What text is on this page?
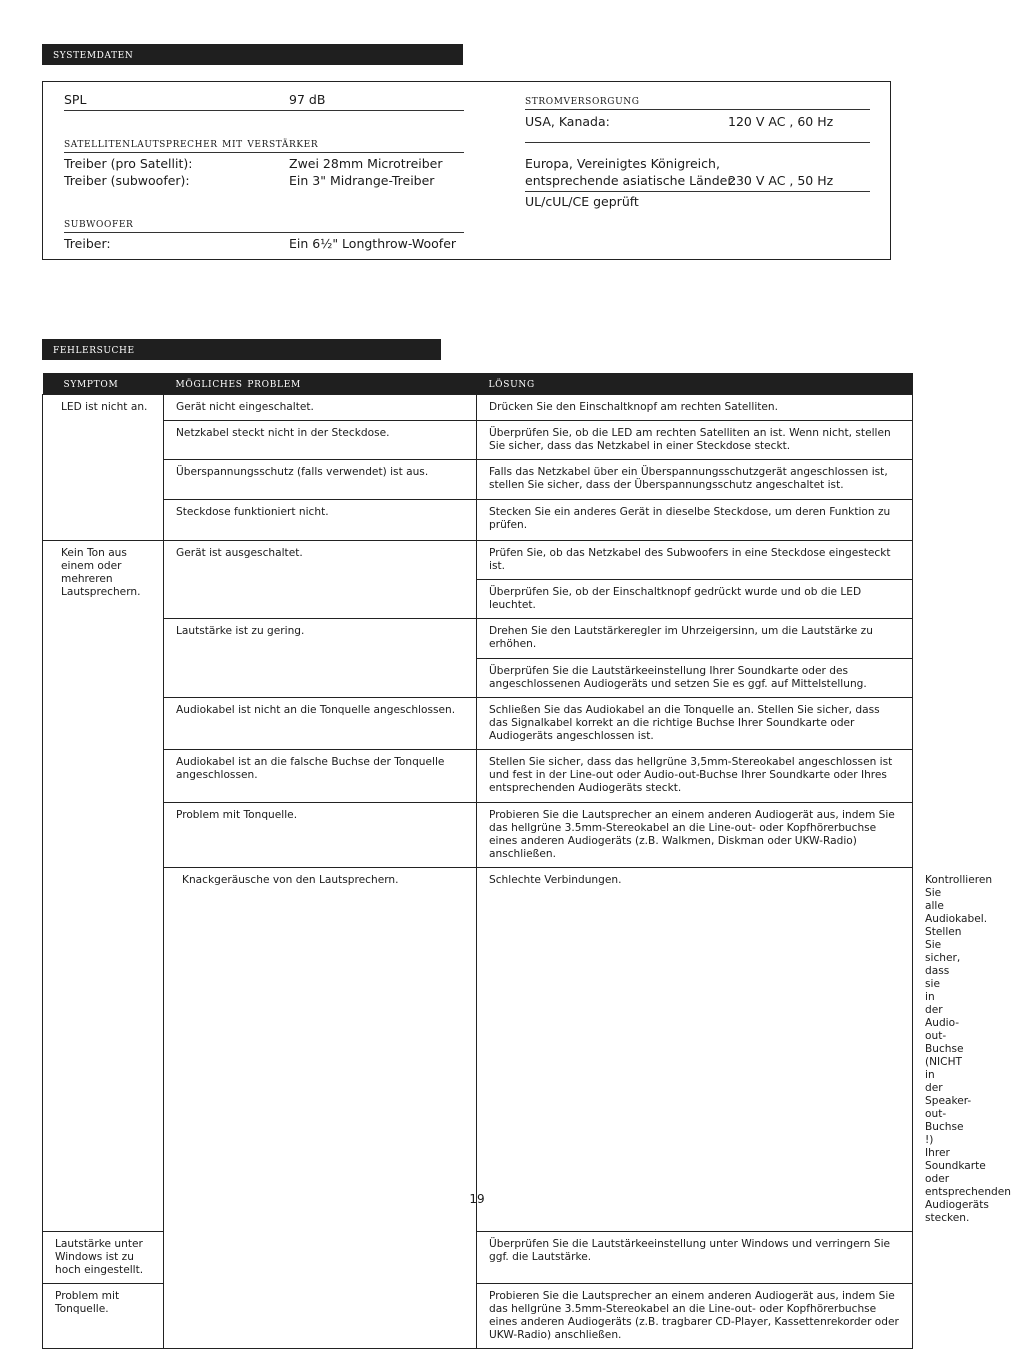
systemdaten
SPL	97 dB
satellitenlautsprecher mit verstärker
Treiber (pro Satellit):	Zwei 28mm Microtreiber
Treiber (subwoofer):	Ein 3" Midrange-Treiber
subwoofer
Treiber:	Ein 6½" Longthrow-Woofer
stromversorgung
USA, Kanada:	120 V AC , 60 Hz
Europa, Vereinigtes Königreich,
entsprechende asiatische Länder:
230 V AC , 50 Hz
UL/cUL/CE geprüft
fehlersuche
symptom	mögliches problem	lösung	
LED ist nicht an.	Gerät nicht eingeschaltet.	Drücken Sie den Einschaltknopf am rechten Satelliten.	
	Netzkabel steckt nicht in der Steckdose.	Überprüfen Sie, ob die LED am rechten Satelliten an ist. Wenn nicht, stellen Sie sicher, dass das Netzkabel in einer Steckdose steckt.	
	Überspannungsschutz (falls verwendet) ist aus.	Falls das Netzkabel über ein Überspannungsschutzgerät angeschlossen ist, stellen Sie sicher, dass der Überspannungsschutz angeschaltet ist.	
	Steckdose funktioniert nicht.	Stecken Sie ein anderes Gerät in dieselbe Steckdose, um deren Funktion zu prüfen.	
Kein Ton aus einem oder mehreren Lautsprechern.	Gerät ist ausgeschaltet.	Prüfen Sie, ob das Netzkabel des Subwoofers in eine Steckdose eingesteckt ist.	
		Überprüfen Sie, ob der Einschaltknopf gedrückt wurde und ob die LED leuchtet.	
	Lautstärke ist zu gering.	Drehen Sie den Lautstärkeregler im Uhrzeigersinn, um die Lautstärke zu erhöhen.	
		Überprüfen Sie die Lautstärkeeinstellung Ihrer Soundkarte oder des angeschlossenen Audiogeräts und setzen Sie es ggf. auf Mittelstellung.	
	Audiokabel ist nicht an die Tonquelle angeschlossen.	Schließen Sie das Audiokabel an die Tonquelle an. Stellen Sie sicher, dass das Signalkabel korrekt an die richtige Buchse Ihrer Soundkarte oder Audiogeräts angeschlossen ist.	
	Audiokabel ist an die falsche Buchse der Tonquelle angeschlossen.	Stellen Sie sicher, dass das hellgrüne 3,5mm-Stereokabel angeschlossen ist und fest in der Line-out oder Audio-out-Buchse Ihrer Soundkarte oder Ihres entsprechenden Audiogeräts steckt.	
	Problem mit Tonquelle.	Probieren Sie die Lautsprecher an einem anderen Audiogerät aus, indem Sie das hellgrüne 3.5mm-Stereokabel an die Line-out- oder Kopfhörerbuchse eines anderen Audiogeräts (z.B. Walkmen, Diskman oder UKW-Radio) anschließen.	
	Knackgeräusche von den Lautsprechern.	Schlechte Verbindungen.	Kontrollieren Sie alle Audiokabel. Stellen Sie sicher, dass sie in der Audio-out-Buchse (NICHT in der Speaker-out-Buchse !) Ihrer Soundkarte oder entsprechenden Audiogeräts stecken.
Lautstärke unter Windows ist zu hoch eingestellt.		Überprüfen Sie die Lautstärkeeinstellung unter Windows und verringern Sie ggf. die Lautstärke.	
Problem mit Tonquelle.		Probieren Sie die Lautsprecher an einem anderen Audiogerät aus, indem Sie das hellgrüne 3.5mm-Stereokabel an die Line-out- oder Kopfhörerbuchse eines anderen Audiogeräts (z.B. tragbarer CD-Player, Kassettenrekorder oder UKW-Radio) anschließen.	
19
